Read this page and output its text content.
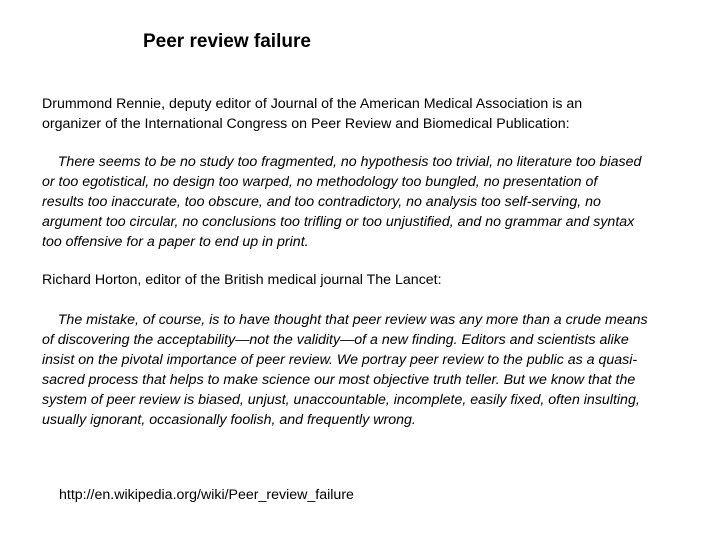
Peer review failure
Drummond Rennie, deputy editor of Journal of the American Medical Association is an
organizer of the International Congress on Peer Review and Biomedical Publication:
There seems to be no study too fragmented, no hypothesis too trivial, no literature too biased
or too egotistical, no design too warped, no methodology too bungled, no presentation of
results too inaccurate, too obscure, and too contradictory, no analysis too self-serving, no
argument too circular, no conclusions too trifling or too unjustified, and no grammar and syntax
too offensive for a paper to end up in print.
Richard Horton, editor of the British medical journal The Lancet:
The mistake, of course, is to have thought that peer review was any more than a crude means
of discovering the acceptability—not the validity—of a new finding. Editors and scientists alike
insist on the pivotal importance of peer review. We portray peer review to the public as a quasi-
sacred process that helps to make science our most objective truth teller. But we know that the
system of peer review is biased, unjust, unaccountable, incomplete, easily fixed, often insulting,
usually ignorant, occasionally foolish, and frequently wrong.
http://en.wikipedia.org/wiki/Peer_review_failure
